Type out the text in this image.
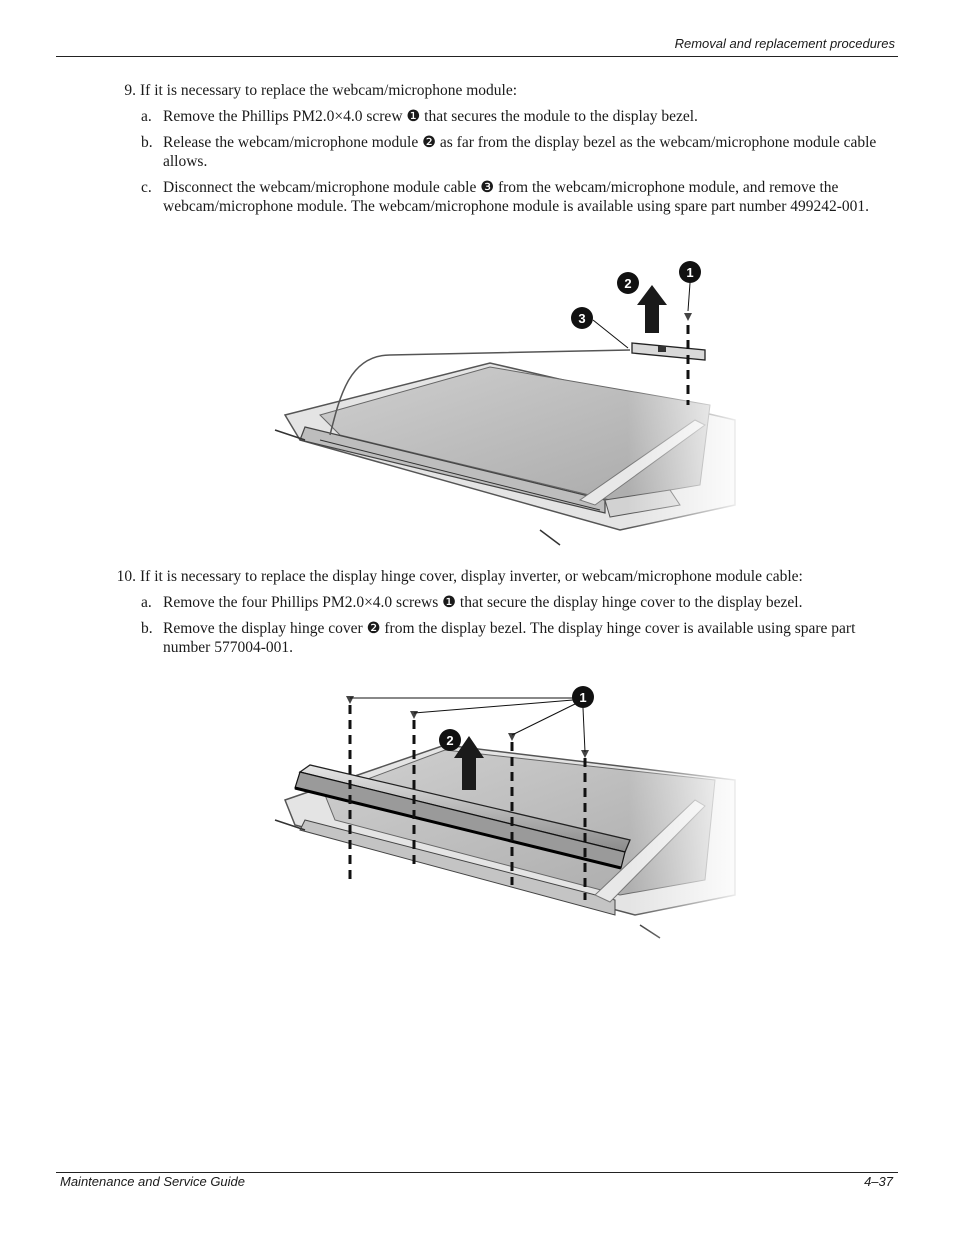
Removal and replacement procedures
9. If it is necessary to replace the webcam/microphone module:
a. Remove the Phillips PM2.0×4.0 screw ❶ that secures the module to the display bezel.
b. Release the webcam/microphone module ❷ as far from the display bezel as the webcam/microphone module cable allows.
c. Disconnect the webcam/microphone module cable ❸ from the webcam/microphone module, and remove the webcam/microphone module. The webcam/microphone module is available using spare part number 499242-001.
1
2
3
10. If it is necessary to replace the display hinge cover, display inverter, or webcam/microphone module cable:
a. Remove the four Phillips PM2.0×4.0 screws ❶ that secure the display hinge cover to the display bezel.
b. Remove the display hinge cover ❷ from the display bezel. The display hinge cover is available using spare part number 577004-001.
1
2
Maintenance and Service Guide	4–37
